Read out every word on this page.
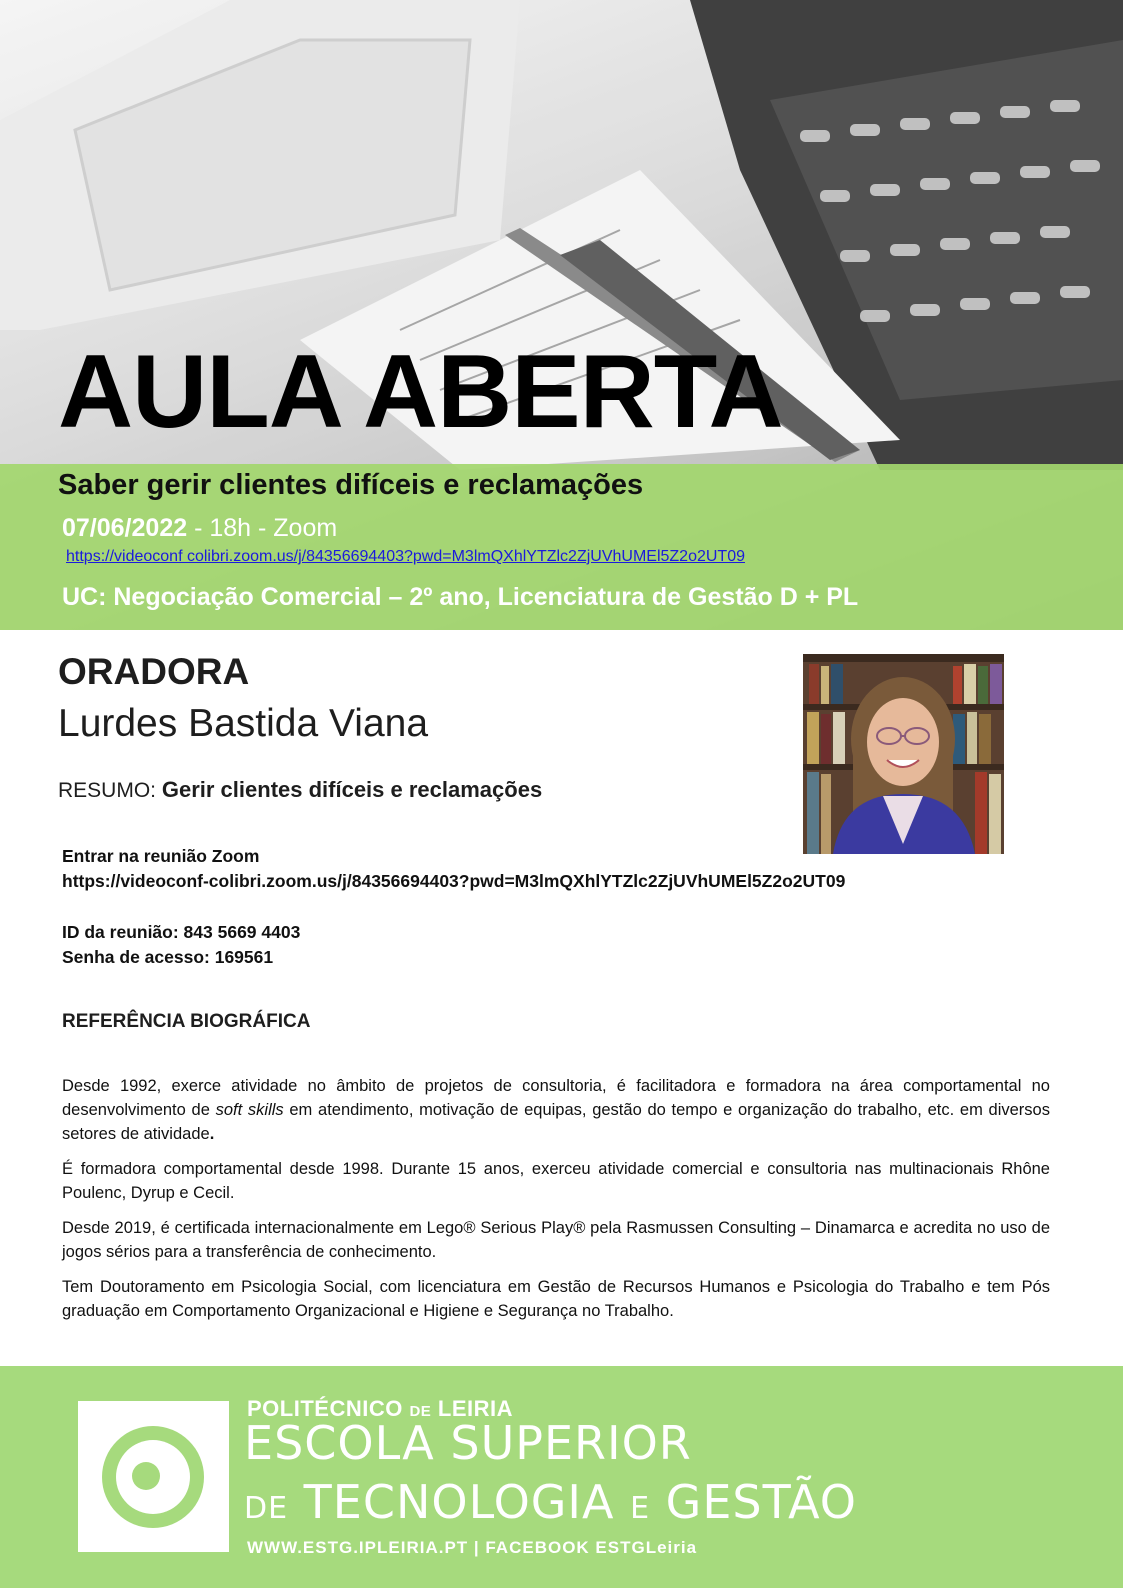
AULA ABERTA
Saber gerir clientes difíceis e reclamações
07/06/2022 - 18h - Zoom
https://videoconf colibri.zoom.us/j/84356694403?pwd=M3lmQXhlYTZlc2ZjUVhUMEl5Z2o2UT09
UC: Negociação Comercial – 2º ano, Licenciatura de Gestão D + PL
ORADORA
Lurdes Bastida Viana
RESUMO: Gerir clientes difíceis e reclamações
Entrar na reunião Zoom
https://videoconf-colibri.zoom.us/j/84356694403?pwd=M3lmQXhlYTZlc2ZjUVhUMEl5Z2o2UT09
ID da reunião: 843 5669 4403
Senha de acesso: 169561
REFERÊNCIA BIOGRÁFICA

Desde 1992, exerce atividade no âmbito de projetos de consultoria, é facilitadora e formadora na área comportamental no desenvolvimento de soft skills em atendimento, motivação de equipas, gestão do tempo e organização do trabalho, etc. em diversos setores de atividade.

É formadora comportamental desde 1998. Durante 15 anos, exerceu atividade comercial e consultoria nas multinacionais Rhône Poulenc, Dyrup e Cecil.

Desde 2019, é certificada internacionalmente em Lego® Serious Play® pela Rasmussen Consulting – Dinamarca e acredita no uso de jogos sérios para a transferência de conhecimento.

Tem Doutoramento em Psicologia Social, com licenciatura em Gestão de Recursos Humanos e Psicologia do Trabalho e tem Pós graduação em Comportamento Organizacional e Higiene e Segurança no Trabalho.

POLITÉCNICO DE LEIRIA
ESCOLA SUPERIOR
DE TECNOLOGIA E GESTÃO
WWW.ESTG.IPLEIRIA.PT | FACEBOOK ESTGLeiria
